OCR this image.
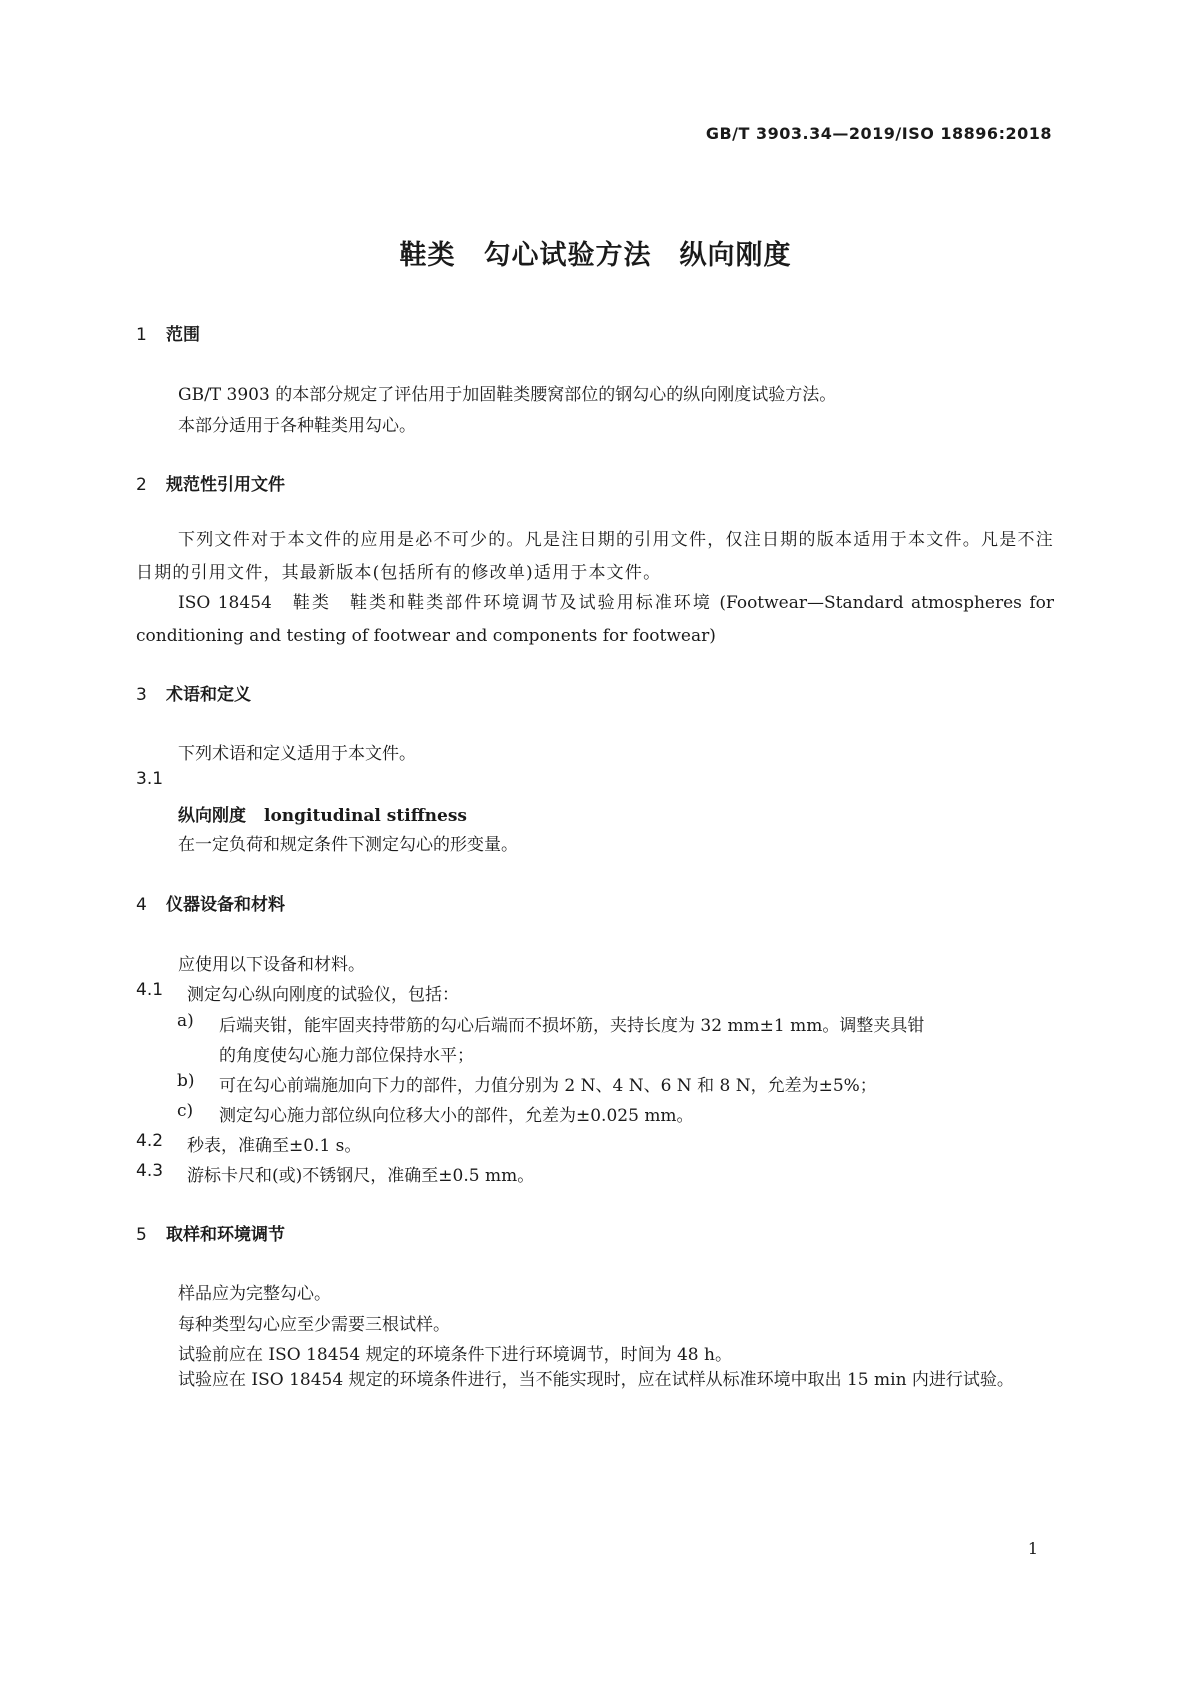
GB/T 3903.34—2019/ISO 18896:2018
鞋类　勾心试验方法　纵向刚度
1 范围
GB/T 3903 的本部分规定了评估用于加固鞋类腰窝部位的钢勾心的纵向刚度试验方法。
本部分适用于各种鞋类用勾心。
2 规范性引用文件
下列文件对于本文件的应用是必不可少的。凡是注日期的引用文件，仅注日期的版本适用于本文件。凡是不注日期的引用文件，其最新版本(包括所有的修改单)适用于本文件。
ISO 18454　鞋类　鞋类和鞋类部件环境调节及试验用标准环境 (Footwear—Standard atmospheres for conditioning and testing of footwear and components for footwear)
3 术语和定义
下列术语和定义适用于本文件。
3.1
纵向刚度 longitudinal stiffness
在一定负荷和规定条件下测定勾心的形变量。
4 仪器设备和材料
应使用以下设备和材料。
4.1 测定勾心纵向刚度的试验仪，包括：
a) 后端夹钳，能牢固夹持带筋的勾心后端而不损坏筋，夹持长度为 32 mm±1 mm。调整夹具钳
的角度使勾心施力部位保持水平；
b) 可在勾心前端施加向下力的部件，力值分别为 2 N、4 N、6 N 和 8 N，允差为±5%；
c) 测定勾心施力部位纵向位移大小的部件，允差为±0.025 mm。
4.2 秒表，准确至±0.1 s。
4.3 游标卡尺和(或)不锈钢尺，准确至±0.5 mm。
5 取样和环境调节
样品应为完整勾心。
每种类型勾心应至少需要三根试样。
试验前应在 ISO 18454 规定的环境条件下进行环境调节，时间为 48 h。
试验应在 ISO 18454 规定的环境条件进行，当不能实现时，应在试样从标准环境中取出 15 min 内进行试验。
1
